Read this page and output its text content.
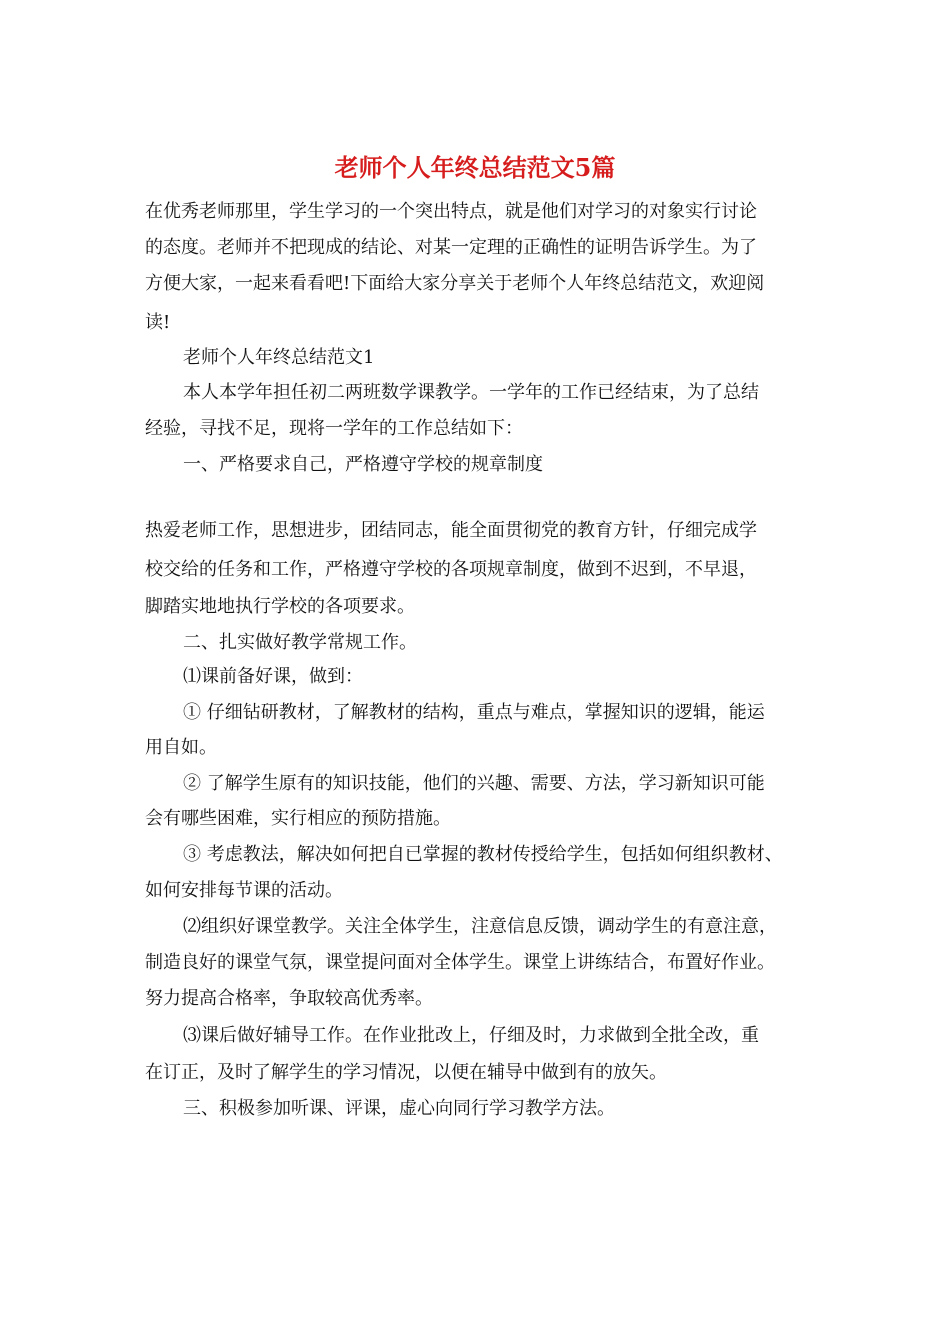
老师个人年终总结范文5篇
在优秀老师那里，学生学习的一个突出特点，就是他们对学习的对象实行讨论
的态度。老师并不把现成的结论、对某一定理的正确性的证明告诉学生。为了
方便大家，一起来看看吧!下面给大家分享关于老师个人年终总结范文，欢迎阅
读!
老师个人年终总结范文1
本人本学年担任初二两班数学课教学。一学年的工作已经结束，为了总结
经验，寻找不足，现将一学年的工作总结如下：
一、严格要求自己，严格遵守学校的规章制度
热爱老师工作，思想进步，团结同志，能全面贯彻党的教育方针，仔细完成学
校交给的任务和工作，严格遵守学校的各项规章制度，做到不迟到，不早退，
脚踏实地地执行学校的各项要求。
二、扎实做好教学常规工作。
⑴课前备好课，做到：
① 仔细钻研教材，了解教材的结构，重点与难点，掌握知识的逻辑，能运
用自如。
② 了解学生原有的知识技能，他们的兴趣、需要、方法，学习新知识可能
会有哪些困难，实行相应的预防措施。
③ 考虑教法，解决如何把自已掌握的教材传授给学生，包括如何组织教材、
如何安排每节课的活动。
⑵组织好课堂教学。关注全体学生，注意信息反馈，调动学生的有意注意，
制造良好的课堂气氛，课堂提问面对全体学生。课堂上讲练结合，布置好作业。
努力提高合格率，争取较高优秀率。
⑶课后做好辅导工作。在作业批改上，仔细及时，力求做到全批全改，重
在订正，及时了解学生的学习情况，以便在辅导中做到有的放矢。
三、积极参加听课、评课，虚心向同行学习教学方法。
